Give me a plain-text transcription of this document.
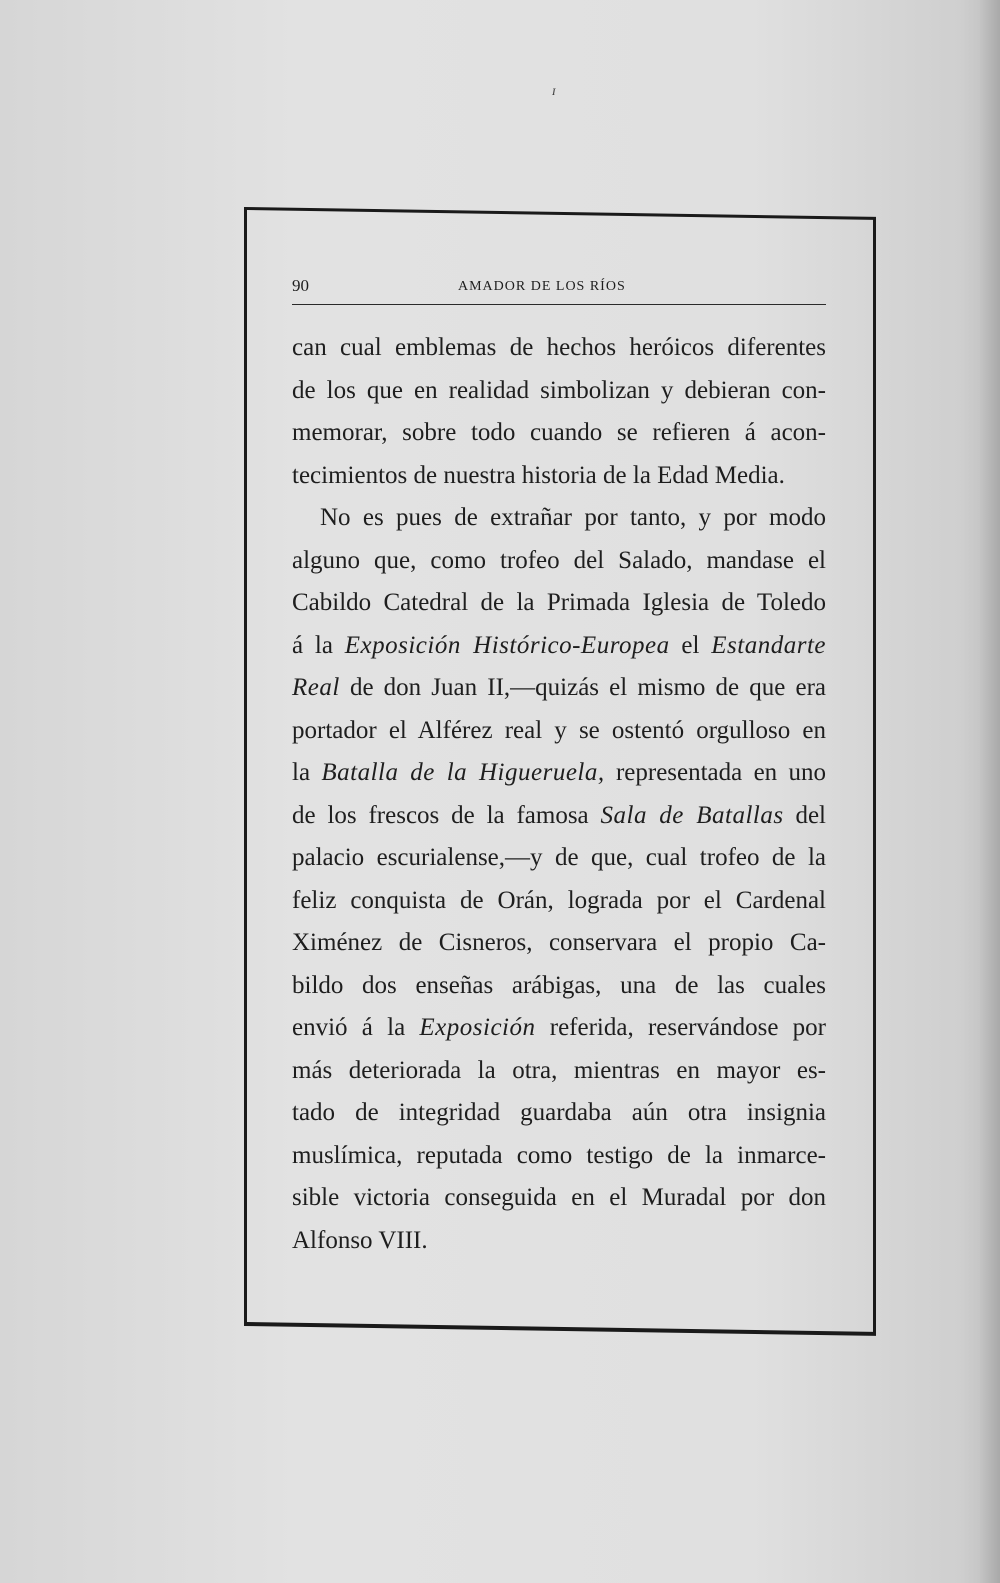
ɪ
90	AMADOR DE LOS RÍOS
can cual emblemas de hechos heróicos diferentes
de los que en realidad simbolizan y debieran con-
memorar, sobre todo cuando se refieren á acon-
tecimientos de nuestra historia de la Edad Media.
No es pues de extrañar por tanto, y por modo
alguno que, como trofeo del Salado, mandase el
Cabildo Catedral de la Primada Iglesia de Toledo
á la Exposición Histórico-Europea el Estandarte
Real de don Juan II,—quizás el mismo de que era
portador el Alférez real y se ostentó orgulloso en
la Batalla de la Higueruela, representada en uno
de los frescos de la famosa Sala de Batallas del
palacio escurialense,—y de que, cual trofeo de la
feliz conquista de Orán, lograda por el Cardenal
Ximénez de Cisneros, conservara el propio Ca-
bildo dos enseñas arábigas, una de las cuales
envió á la Exposición referida, reservándose por
más deteriorada la otra, mientras en mayor es-
tado de integridad guardaba aún otra insignia
muslímica, reputada como testigo de la inmarce-
sible victoria conseguida en el Muradal por don
Alfonso VIII.
